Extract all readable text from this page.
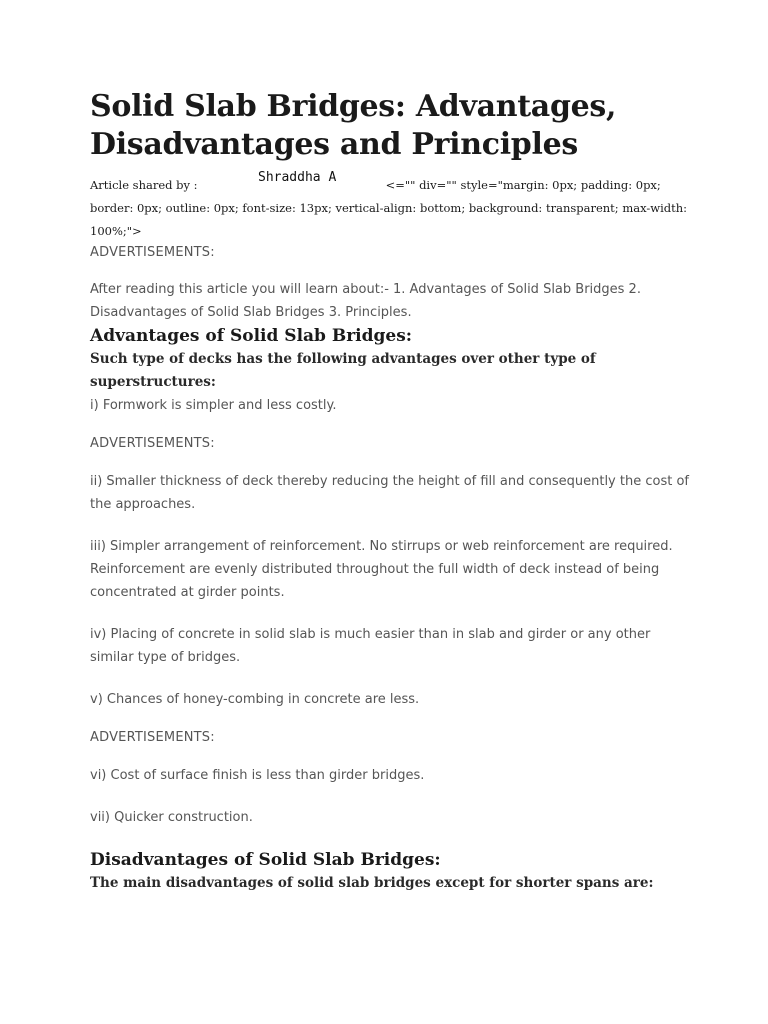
Solid Slab Bridges: Advantages, Disadvantages and Principles
Article shared by :	Shraddha A	<="" div="" style="margin: 0px; padding: 0px; border: 0px; outline: 0px; font-size: 13px; vertical-align: bottom; background: transparent; max-width: 100%;">
ADVERTISEMENTS:

After reading this article you will learn about:- 1. Advantages of Solid Slab Bridges 2. Disadvantages of Solid Slab Bridges 3. Principles.

Advantages of Solid Slab Bridges:

Such type of decks has the following advantages over other type of superstructures:

i) Formwork is simpler and less costly.

ADVERTISEMENTS:

ii) Smaller thickness of deck thereby reducing the height of fill and consequently the cost of the approaches.

iii) Simpler arrangement of reinforcement. No stirrups or web reinforcement are required. Reinforcement are evenly distributed throughout the full width of deck instead of being concentrated at girder points.

iv) Placing of concrete in solid slab is much easier than in slab and girder or any other similar type of bridges.

v) Chances of honey-combing in concrete are less.

ADVERTISEMENTS:

vi) Cost of surface finish is less than girder bridges.

vii) Quicker construction.

Disadvantages of Solid Slab Bridges:

The main disadvantages of solid slab bridges except for shorter spans are:
